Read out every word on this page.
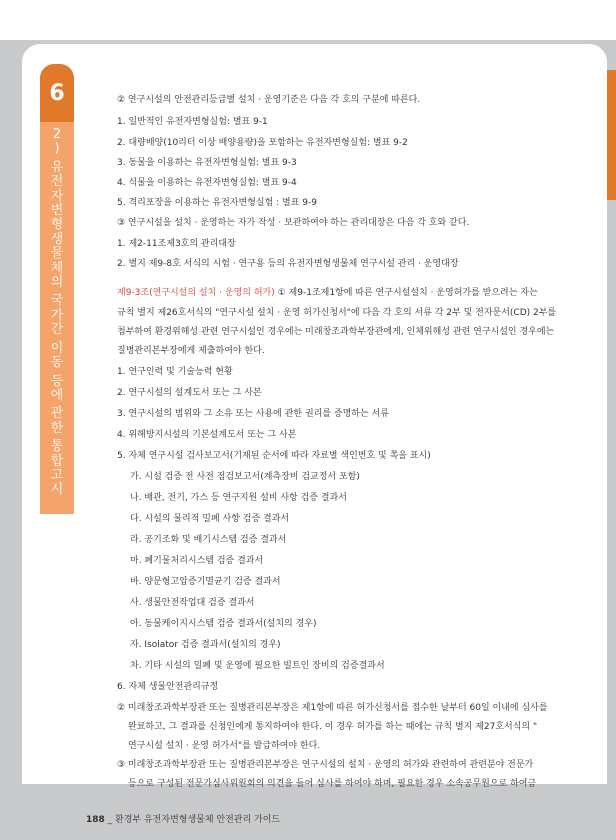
6
2
)

유
전
자
변
형
생
물
체
의

국
가
간

이
동

등
에

관
한

통
합
고
시
② 연구시설의 안전관리등급별 설치 · 운영기준은 다음 각 호의 구분에 따른다.
1. 일반적인 유전자변형실험: 별표 9-1
2. 대량배양(10리터 이상 배양용량)을 포함하는 유전자변형실험: 별표 9-2
3. 동물을 이용하는 유전자변형실험: 별표 9-3
4. 식물을 이용하는 유전자변형실험: 별표 9-4
5. 격리포장을 이용하는 유전자변형실험 : 별표 9-9
③ 연구시설을 설치 · 운영하는 자가 작성 · 보관하여야 하는 관리대장은 다음 각 호와 같다.
1. 제2-11조제3호의 관리대장
2. 별지 제9-8호 서식의 시험 · 연구용 등의 유전자변형생물체 연구시설 관리 · 운영대장
제9-3조(연구시설의 설치 · 운영의 허가) ① 제9-1조제1항에 따른 연구시설설치 · 운영허가를 받으려는 자는
규칙 별지 제26호서식의 "연구시설 설치 · 운영 허가신청서"에 다음 각 호의 서류 각 2부 및 전자문서(CD) 2부를
첨부하여 환경위해성 관련 연구시설인 경우에는 미래창조과학부장관에게, 인체위해성 관련 연구시설인 경우에는
질병관리본부장에게 제출하여야 한다.
1. 연구인력 및 기술능력 현황
2. 연구시설의 설계도서 또는 그 사본
3. 연구시설의 범위와 그 소유 또는 사용에 관한 권리를 증명하는 서류
4. 위해방지시설의 기본설계도서 또는 그 사본
5. 자체 연구시설 검사보고서(기재된 순서에 따라 자료별 색인번호 및 쪽을 표시)
가. 시설 검증 전 사전 점검보고서(계측장비 검교정서 포함)
나. 배관, 전기, 가스 등 연구지원 설비 사항 검증 결과서
다. 시설의 물리적 밀폐 사항 검증 결과서
라. 공기조화 및 배기시스템 검증 결과서
마. 폐기물처리시스템 검증 결과서
바. 양문형고압증기멸균기 검증 결과서
사. 생물안전작업대 검증 결과서
아. 동물케이지시스템 검증 결과서(설치의 경우)
자. Isolator 검증 결과서(설치의 경우)
차. 기타 시설의 밀폐 및 운영에 필요한 빌트인 장비의 검증결과서
6. 자체 생물안전관리규정
② 미래창조과학부장관 또는 질병관리본부장은 제1항에 따른 허가신청서를 접수한 날부터 60일 이내에 심사를
완료하고, 그 결과를 신청인에게 통지하여야 한다. 이 경우 허가를 하는 때에는 규칙 별지 제27호서식의 "
연구시설 설치 · 운영 허가서"를 발급하여야 한다.
③ 미래창조과학부장관 또는 질병관리본부장은 연구시설의 설치 · 운영의 허가와 관련하여 관련분야 전문가
등으로 구성된 전문가심사위원회의 의견을 들어 심사를 하여야 하며, 필요한 경우 소속공무원으로 하여금
188 _ 환경부 유전자변형생물체 안전관리 가이드
